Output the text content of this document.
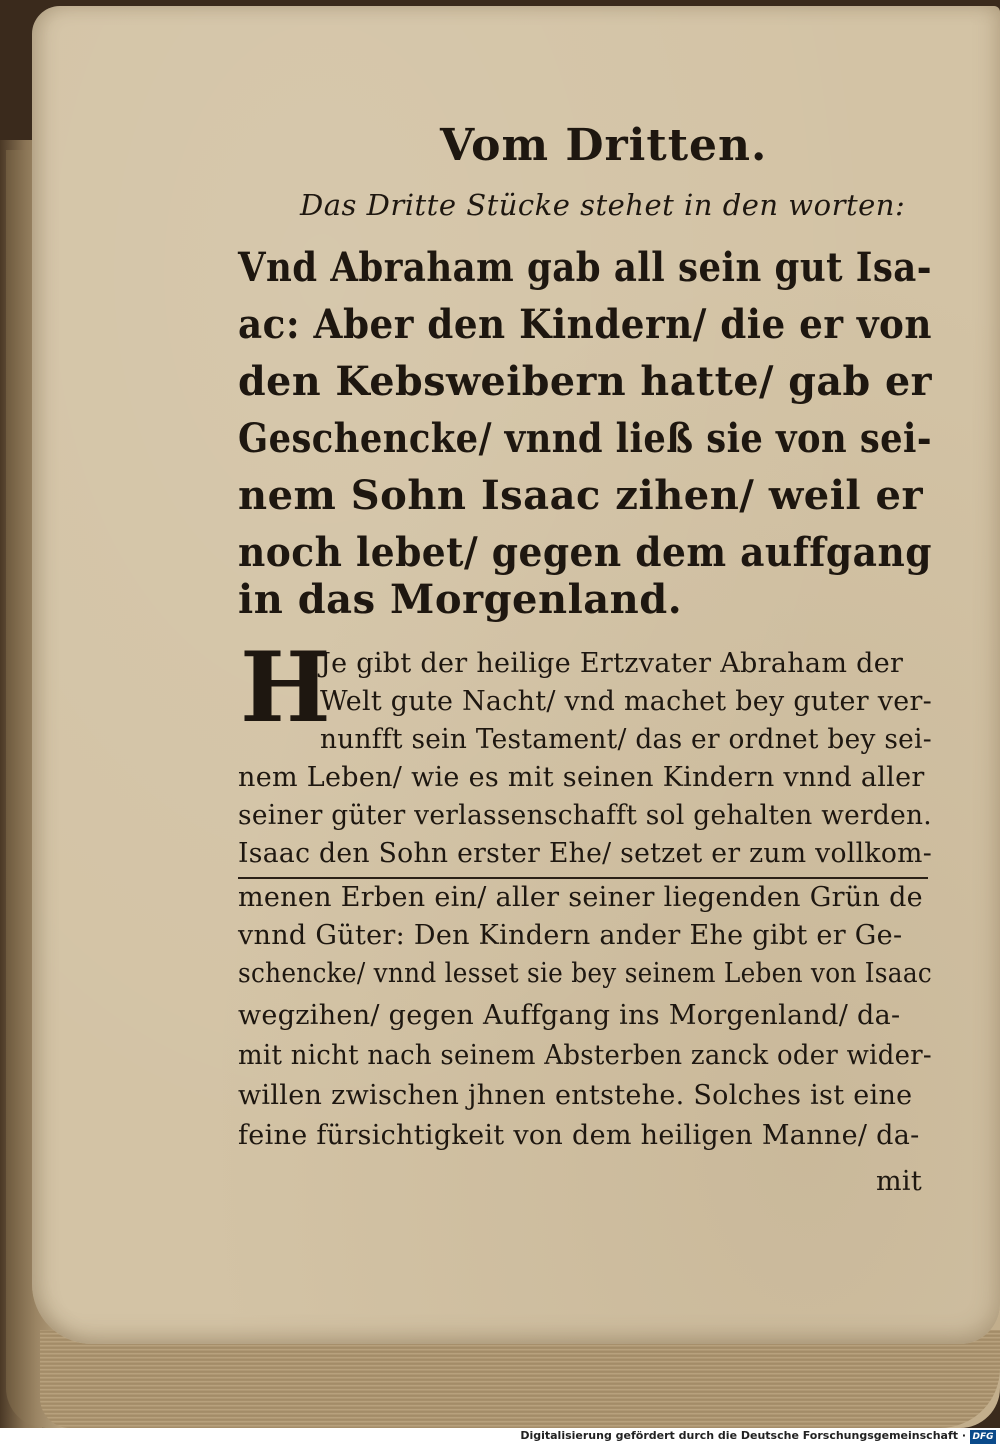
Vom Dritten.

Das Dritte Stücke stehet in den worten:

Vnd Abraham gab all sein gut Isa-

ac: Aber den Kindern/ die er von

den Kebsweibern hatte/ gab er

Geschencke/ vnnd ließ sie von sei-

nem Sohn Isaac zihen/ weil er

noch lebet/ gegen dem auffgang

in das Morgenland.

H

Je gibt der heilige Ertzvater Abraham der

Welt gute Nacht/ vnd machet bey guter ver-

nunfft sein Testament/ das er ordnet bey sei-

nem Leben/ wie es mit seinen Kindern vnnd aller

seiner güter verlassenschafft sol gehalten werden.

Isaac den Sohn erster Ehe/ setzet er zum vollkom-

menen Erben ein/ aller seiner liegenden Grün de

vnnd Güter: Den Kindern ander Ehe gibt er Ge-

schencke/ vnnd lesset sie bey seinem Leben von Isaac

wegzihen/ gegen Auffgang ins Morgenland/ da-

mit nicht nach seinem Absterben zanck oder wider-

willen zwischen jhnen entstehe. Solches ist eine

feine fürsichtigkeit von dem heiligen Manne/ da-

mit

Digitalisierung gefördert durch die Deutsche Forschungsgemeinschaft · DFG
